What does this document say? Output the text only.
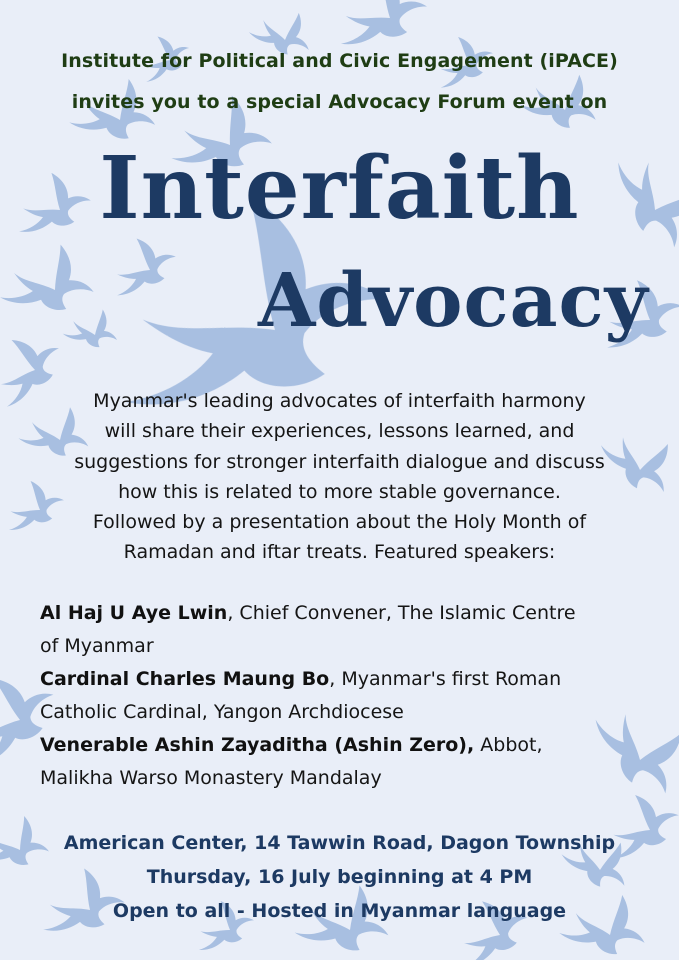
Institute for Political and Civic Engagement (iPACE)
invites you to a special Advocacy Forum event on
Interfaith
Advocacy
Myanmar's leading advocates of interfaith harmony
will share their experiences, lessons learned, and
suggestions for stronger interfaith dialogue and discuss
how this is related to more stable governance.
Followed by a presentation about the Holy Month of
Ramadan and iftar treats. Featured speakers:

Al Haj U Aye Lwin, Chief Convener, The Islamic Centre
of Myanmar

Cardinal Charles Maung Bo, Myanmar's first Roman
Catholic Cardinal, Yangon Archdiocese

Venerable Ashin Zayaditha (Ashin Zero), Abbot,
Malikha Warso Monastery Mandalay

American Center, 14 Tawwin Road, Dagon Township
Thursday, 16 July beginning at 4 PM
Open to all - Hosted in Myanmar language
